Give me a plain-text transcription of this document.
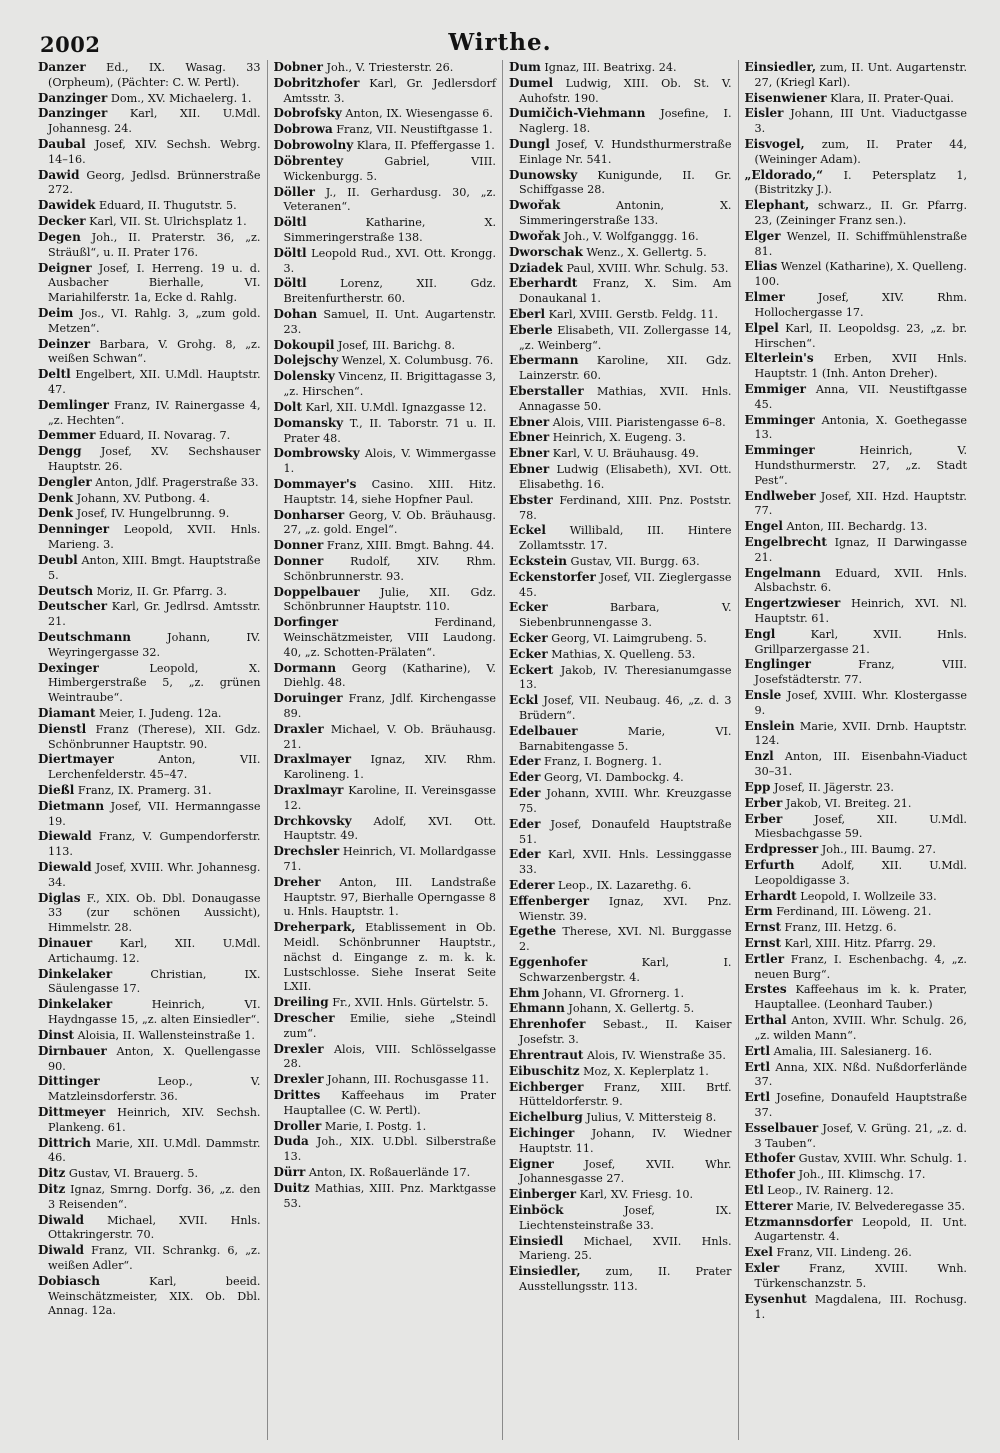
2002	Wirthe.

Danzer Ed., IX. Wasag. 33 (Orpheum), (Pächter: C. W. Pertl).

Danzinger Dom., XV. Michaelerg. 1.

Danzinger Karl, XII. U.Mdl. Johannesg. 24.

Daubal Josef, XIV. Sechsh. Webrg. 14–16.

Dawid Georg, Jedlsd. Brünnerstraße 272.

Dawidek Eduard, II. Thugutstr. 5.

Decker Karl, VII. St. Ulrichsplatz 1.

Degen Joh., II. Praterstr. 36, „z. Sträußl“, u. II. Prater 176.

Deigner Josef, I. Herreng. 19 u. d. Ausbacher Bierhalle, VI. Mariahilferstr. 1a, Ecke d. Rahlg.

Deim Jos., VI. Rahlg. 3, „zum gold. Metzen“.

Deinzer Barbara, V. Grohg. 8, „z. weißen Schwan“.

Deltl Engelbert, XII. U.Mdl. Hauptstr. 47.

Demlinger Franz, IV. Rainergasse 4, „z. Hechten“.

Demmer Eduard, II. Novarag. 7.

Dengg Josef, XV. Sechshauser Hauptstr. 26.

Dengler Anton, Jdlf. Pragerstraße 33.

Denk Johann, XV. Putbong. 4.

Denk Josef, IV. Hungelbrunng. 9.

Denninger Leopold, XVII. Hnls. Marieng. 3.

Deubl Anton, XIII. Bmgt. Hauptstraße 5.

Deutsch Moriz, II. Gr. Pfarrg. 3.

Deutscher Karl, Gr. Jedlrsd. Amtsstr. 21.

Deutschmann Johann, IV. Weyringergasse 32.

Dexinger Leopold, X. Himbergerstraße 5, „z. grünen Weintraube“.

Diamant Meier, I. Judeng. 12a.

Dienstl Franz (Therese), XII. Gdz. Schönbrunner Hauptstr. 90.

Diertmayer Anton, VII. Lerchenfelderstr. 45–47.

Dießl Franz, IX. Pramerg. 31.

Dietmann Josef, VII. Hermanngasse 19.

Diewald Franz, V. Gumpendorferstr. 113.

Diewald Josef, XVIII. Whr. Johannesg. 34.

Diglas F., XIX. Ob. Dbl. Donaugasse 33 (zur schönen Aussicht), Himmelstr. 28.

Dinauer Karl, XII. U.Mdl. Artichaumg. 12.

Dinkelaker Christian, IX. Säulengasse 17.

Dinkelaker Heinrich, VI. Haydngasse 15, „z. alten Einsiedler“.

Dinst Aloisia, II. Wallensteinstraße 1.

Dirnbauer Anton, X. Quellengasse 90.

Dittinger Leop., V. Matzleinsdorferstr. 36.

Dittmeyer Heinrich, XIV. Sechsh. Plankeng. 61.

Dittrich Marie, XII. U.Mdl. Dammstr. 46.

Ditz Gustav, VI. Brauerg. 5.

Ditz Ignaz, Smrng. Dorfg. 36, „z. den 3 Reisenden“.

Diwald Michael, XVII. Hnls. Ottakringerstr. 70.

Diwald Franz, VII. Schrankg. 6, „z. weißen Adler“.

Dobiasch Karl, beeid. Weinschätzmeister, XIX. Ob. Dbl. Annag. 12a.

Dobner Joh., V. Triesterstr. 26.

Dobritzhofer Karl, Gr. Jedlersdorf Amtsstr. 3.

Dobrofsky Anton, IX. Wiesengasse 6.

Dobrowa Franz, VII. Neustiftgasse 1.

Dobrowolny Klara, II. Pfeffergasse 1.

Döbrentey Gabriel, VIII. Wickenburgg. 5.

Döller J., II. Gerhardusg. 30, „z. Veteranen“.

Döltl Katharine, X. Simmeringerstraße 138.

Döltl Leopold Rud., XVI. Ott. Krongg. 3.

Döltl Lorenz, XII. Gdz. Breitenfurtherstr. 60.

Dohan Samuel, II. Unt. Augartenstr. 23.

Dokoupil Josef, III. Barichg. 8.

Dolejschy Wenzel, X. Columbusg. 76.

Dolensky Vincenz, II. Brigittagasse 3, „z. Hirschen“.

Dolt Karl, XII. U.Mdl. Ignazgasse 12.

Domansky T., II. Taborstr. 71 u. II. Prater 48.

Dombrowsky Alois, V. Wimmergasse 1.

Dommayer's Casino. XIII. Hitz. Hauptstr. 14, siehe Hopfner Paul.

Donharser Georg, V. Ob. Bräuhausg. 27, „z. gold. Engel“.

Donner Franz, XIII. Bmgt. Bahng. 44.

Donner Rudolf, XIV. Rhm. Schönbrunnerstr. 93.

Doppelbauer Julie, XII. Gdz. Schönbrunner Hauptstr. 110.

Dorfinger Ferdinand, Weinschätzmeister, VIII Laudong. 40, „z. Schotten-Prälaten“.

Dormann Georg (Katharine), V. Diehlg. 48.

Doruinger Franz, Jdlf. Kirchengasse 89.

Draxler Michael, V. Ob. Bräuhausg. 21.

Draxlmayer Ignaz, XIV. Rhm. Karolineng. 1.

Draxlmayr Karoline, II. Vereinsgasse 12.

Drchkovsky Adolf, XVI. Ott. Hauptstr. 49.

Drechsler Heinrich, VI. Mollardgasse 71.

Dreher Anton, III. Landstraße Hauptstr. 97, Bierhalle Operngasse 8 u. Hnls. Hauptstr. 1.

Dreherpark, Etablissement in Ob. Meidl. Schönbrunner Hauptstr., nächst d. Eingange z. m. k. k. Lustschlosse. Siehe Inserat Seite LXII.

Dreiling Fr., XVII. Hnls. Gürtelstr. 5.

Drescher Emilie, siehe „Steindl zum“.

Drexler Alois, VIII. Schlösselgasse 28.

Drexler Johann, III. Rochusgasse 11.

Drittes Kaffeehaus im Prater Hauptallee (C. W. Pertl).

Droller Marie, I. Postg. 1.

Duda Joh., XIX. U.Dbl. Silberstraße 13.

Dürr Anton, IX. Roßauerlände 17.

Duitz Mathias, XIII. Pnz. Marktgasse 53.

Dum Ignaz, III. Beatrixg. 24.

Dumel Ludwig, XIII. Ob. St. V. Auhofstr. 190.

Dumičich-Viehmann Josefine, I. Naglerg. 18.

Dungl Josef, V. Hundsthurmerstraße Einlage Nr. 541.

Dunowsky Kunigunde, II. Gr. Schiffgasse 28.

Dwořak Antonin, X. Simmeringerstraße 133.

Dwořak Joh., V. Wolfganggg. 16.

Dworschak Wenz., X. Gellertg. 5.

Dziadek Paul, XVIII. Whr. Schulg. 53.

Eberhardt Franz, X. Sim. Am Donaukanal 1.

Eberl Karl, XVIII. Gerstb. Feldg. 11.

Eberle Elisabeth, VII. Zollergasse 14, „z. Weinberg“.

Ebermann Karoline, XII. Gdz. Lainzerstr. 60.

Eberstaller Mathias, XVII. Hnls. Annagasse 50.

Ebner Alois, VIII. Piaristengasse 6–8.

Ebner Heinrich, X. Eugeng. 3.

Ebner Karl, V. U. Bräuhausg. 49.

Ebner Ludwig (Elisabeth), XVI. Ott. Elisabethg. 16.

Ebster Ferdinand, XIII. Pnz. Poststr. 78.

Eckel Willibald, III. Hintere Zollamtsstr. 17.

Eckstein Gustav, VII. Burgg. 63.

Eckenstorfer Josef, VII. Zieglergasse 45.

Ecker Barbara, V. Siebenbrunnengasse 3.

Ecker Georg, VI. Laimgrubeng. 5.

Ecker Mathias, X. Quelleng. 53.

Eckert Jakob, IV. Theresianumgasse 13.

Eckl Josef, VII. Neubaug. 46, „z. d. 3 Brüdern“.

Edelbauer Marie, VI. Barnabitengasse 5.

Eder Franz, I. Bognerg. 1.

Eder Georg, VI. Dambockg. 4.

Eder Johann, XVIII. Whr. Kreuzgasse 75.

Eder Josef, Donaufeld Hauptstraße 51.

Eder Karl, XVII. Hnls. Lessinggasse 33.

Ederer Leop., IX. Lazarethg. 6.

Effenberger Ignaz, XVI. Pnz. Wienstr. 39.

Egethe Therese, XVI. Nl. Burggasse 2.

Eggenhofer Karl, I. Schwarzenbergstr. 4.

Ehm Johann, VI. Gfrornerg. 1.

Ehmann Johann, X. Gellertg. 5.

Ehrenhofer Sebast., II. Kaiser Josefstr. 3.

Ehrentraut Alois, IV. Wienstraße 35.

Eibuschitz Moz, X. Keplerplatz 1.

Eichberger Franz, XIII. Brtf. Hütteldorferstr. 9.

Eichelburg Julius, V. Mittersteig 8.

Eichinger Johann, IV. Wiedner Hauptstr. 11.

Eigner Josef, XVII. Whr. Johannesgasse 27.

Einberger Karl, XV. Friesg. 10.

Einböck Josef, IX. Liechtensteinstraße 33.

Einsiedl Michael, XVII. Hnls. Marieng. 25.

Einsiedler, zum, II. Prater Ausstellungsstr. 113.

Einsiedler, zum, II. Unt. Augartenstr. 27, (Kriegl Karl).

Eisenwiener Klara, II. Prater-Quai.

Eisler Johann, III Unt. Viaductgasse 3.

Eisvogel, zum, II. Prater 44, (Weininger Adam).

„Eldorado,“ I. Petersplatz 1, (Bistritzky J.).

Elephant, schwarz., II. Gr. Pfarrg. 23, (Zeininger Franz sen.).

Elger Wenzel, II. Schiffmühlenstraße 81.

Elias Wenzel (Katharine), X. Quelleng. 100.

Elmer Josef, XIV. Rhm. Hollochergasse 17.

Elpel Karl, II. Leopoldsg. 23, „z. br. Hirschen“.

Elterlein's Erben, XVII Hnls. Hauptstr. 1 (Inh. Anton Dreher).

Emmiger Anna, VII. Neustiftgasse 45.

Emminger Antonia, X. Goethegasse 13.

Emminger Heinrich, V. Hundsthurmerstr. 27, „z. Stadt Pest“.

Endlweber Josef, XII. Hzd. Hauptstr. 77.

Engel Anton, III. Bechardg. 13.

Engelbrecht Ignaz, II Darwingasse 21.

Engelmann Eduard, XVII. Hnls. Alsbachstr. 6.

Engertzwieser Heinrich, XVI. Nl. Hauptstr. 61.

Engl Karl, XVII. Hnls. Grillparzergasse 21.

Englinger Franz, VIII. Josefstädterstr. 77.

Ensle Josef, XVIII. Whr. Klostergasse 9.

Enslein Marie, XVII. Drnb. Hauptstr. 124.

Enzl Anton, III. Eisenbahn-Viaduct 30–31.

Epp Josef, II. Jägerstr. 23.

Erber Jakob, VI. Breiteg. 21.

Erber Josef, XII. U.Mdl. Miesbachgasse 59.

Erdpresser Joh., III. Baumg. 27.

Erfurth Adolf, XII. U.Mdl. Leopoldigasse 3.

Erhardt Leopold, I. Wollzeile 33.

Erm Ferdinand, III. Löweng. 21.

Ernst Franz, III. Hetzg. 6.

Ernst Karl, XIII. Hitz. Pfarrg. 29.

Ertler Franz, I. Eschenbachg. 4, „z. neuen Burg“.

Erstes Kaffeehaus im k. k. Prater, Hauptallee. (Leonhard Tauber.)

Erthal Anton, XVIII. Whr. Schulg. 26, „z. wilden Mann“.

Ertl Amalia, III. Salesianerg. 16.

Ertl Anna, XIX. Nßd. Nußdorferlände 37.

Ertl Josefine, Donaufeld Hauptstraße 37.

Esselbauer Josef, V. Grüng. 21, „z. d. 3 Tauben“.

Ethofer Gustav, XVIII. Whr. Schulg. 1.

Ethofer Joh., III. Klimschg. 17.

Etl Leop., IV. Rainerg. 12.

Etterer Marie, IV. Belvederegasse 35.

Etzmannsdorfer Leopold, II. Unt. Augartenstr. 4.

Exel Franz, VII. Lindeng. 26.

Exler Franz, XVIII. Wnh. Türkenschanzstr. 5.

Eysenhut Magdalena, III. Rochusg. 1.
